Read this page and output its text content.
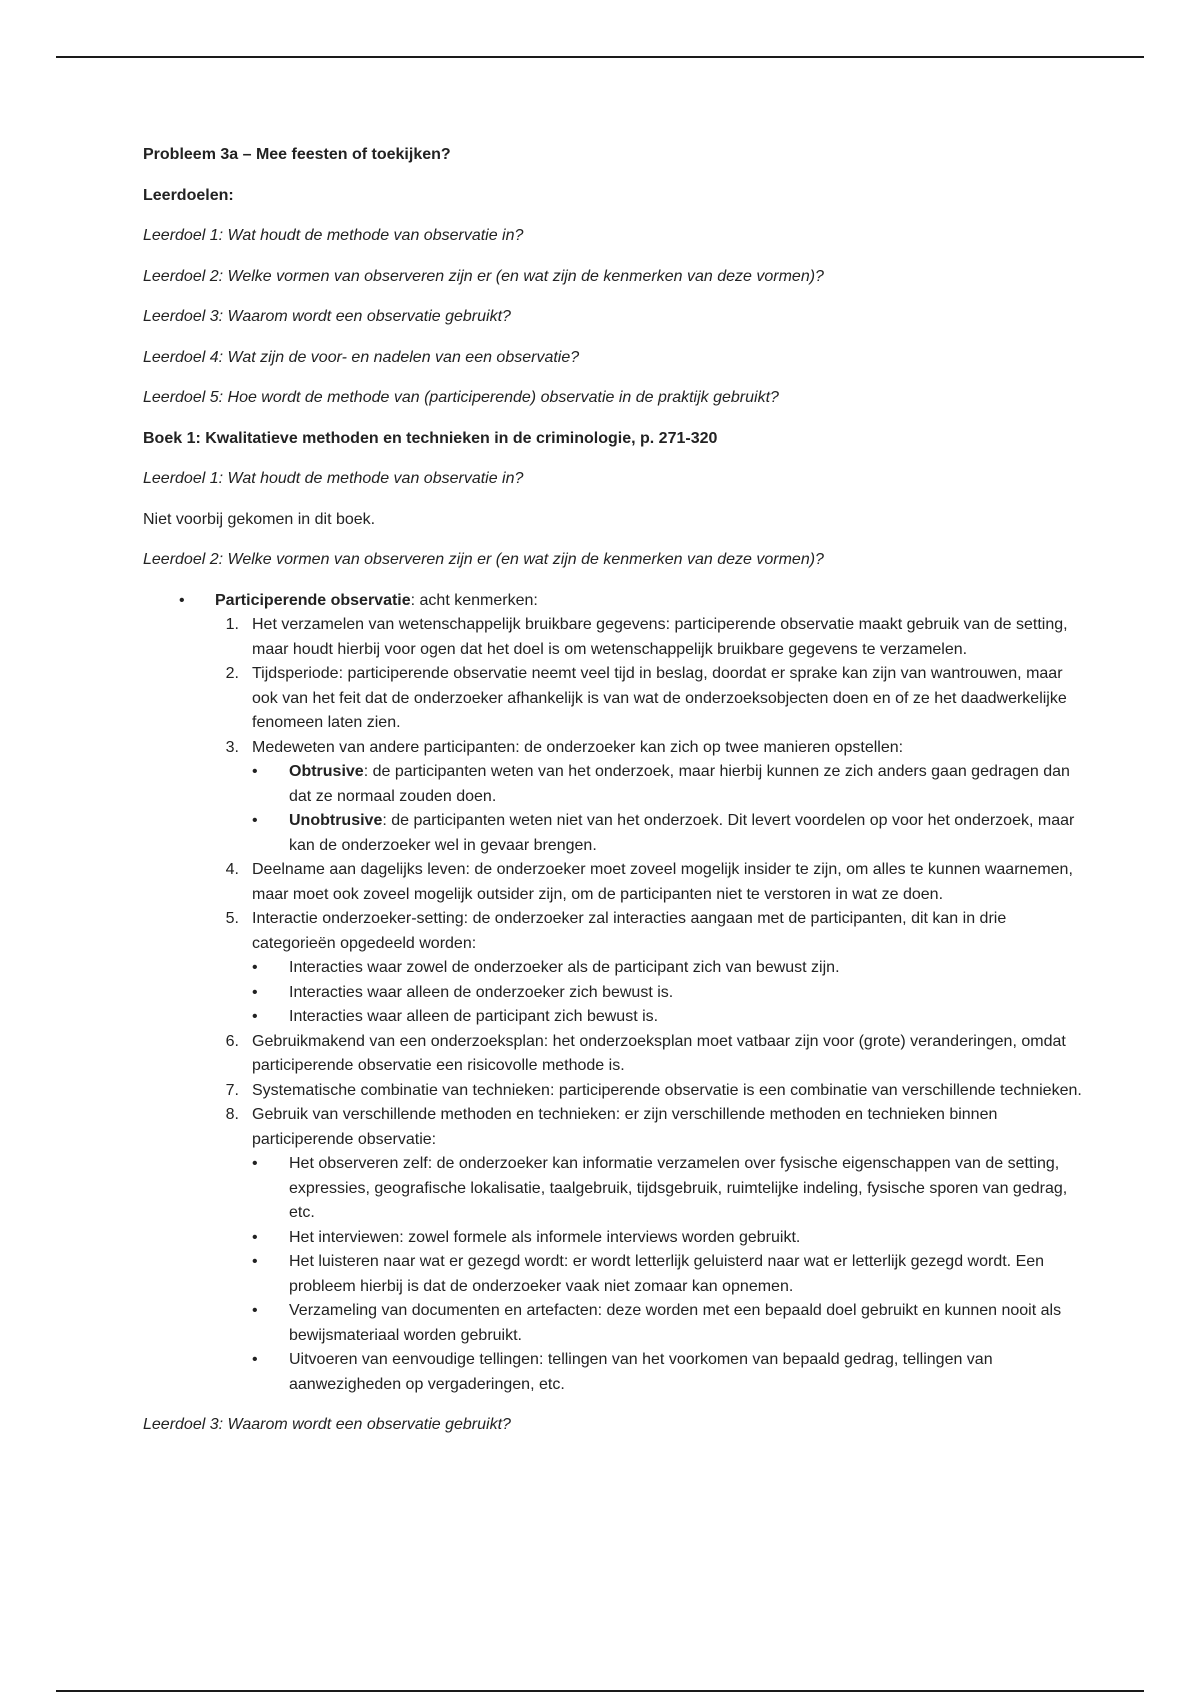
Probleem 3a – Mee feesten of toekijken?
Leerdoelen:
Leerdoel 1: Wat houdt de methode van observatie in?
Leerdoel 2: Welke vormen van observeren zijn er (en wat zijn de kenmerken van deze vormen)?
Leerdoel 3: Waarom wordt een observatie gebruikt?
Leerdoel 4: Wat zijn de voor- en nadelen van een observatie?
Leerdoel 5: Hoe wordt de methode van (participerende) observatie in de praktijk gebruikt?
Boek 1: Kwalitatieve methoden en technieken in de criminologie, p. 271-320
Leerdoel 1: Wat houdt de methode van observatie in?
Niet voorbij gekomen in dit boek.
Leerdoel 2: Welke vormen van observeren zijn er (en wat zijn de kenmerken van deze vormen)?
• Participerende observatie: acht kenmerken:
1. Het verzamelen van wetenschappelijk bruikbare gegevens: participerende observatie maakt gebruik van de setting, maar houdt hierbij voor ogen dat het doel is om wetenschappelijk bruikbare gegevens te verzamelen.
2. Tijdsperiode: participerende observatie neemt veel tijd in beslag, doordat er sprake kan zijn van wantrouwen, maar ook van het feit dat de onderzoeker afhankelijk is van wat de onderzoeksobjecten doen en of ze het daadwerkelijke fenomeen laten zien.
3. Medeweten van andere participanten: de onderzoeker kan zich op twee manieren opstellen:
• Obtrusive: de participanten weten van het onderzoek, maar hierbij kunnen ze zich anders gaan gedragen dan dat ze normaal zouden doen.
• Unobtrusive: de participanten weten niet van het onderzoek. Dit levert voordelen op voor het onderzoek, maar kan de onderzoeker wel in gevaar brengen.
4. Deelname aan dagelijks leven: de onderzoeker moet zoveel mogelijk insider te zijn, om alles te kunnen waarnemen, maar moet ook zoveel mogelijk outsider zijn, om de participanten niet te verstoren in wat ze doen.
5. Interactie onderzoeker-setting: de onderzoeker zal interacties aangaan met de participanten, dit kan in drie categorieën opgedeeld worden:
• Interacties waar zowel de onderzoeker als de participant zich van bewust zijn.
• Interacties waar alleen de onderzoeker zich bewust is.
• Interacties waar alleen de participant zich bewust is.
6. Gebruikmakend van een onderzoeksplan: het onderzoeksplan moet vatbaar zijn voor (grote) veranderingen, omdat participerende observatie een risicovolle methode is.
7. Systematische combinatie van technieken: participerende observatie is een combinatie van verschillende technieken.
8. Gebruik van verschillende methoden en technieken: er zijn verschillende methoden en technieken binnen participerende observatie:
• Het observeren zelf: de onderzoeker kan informatie verzamelen over fysische eigenschappen van de setting, expressies, geografische lokalisatie, taalgebruik, tijdsgebruik, ruimtelijke indeling, fysische sporen van gedrag, etc.
• Het interviewen: zowel formele als informele interviews worden gebruikt.
• Het luisteren naar wat er gezegd wordt: er wordt letterlijk geluisterd naar wat er letterlijk gezegd wordt. Een probleem hierbij is dat de onderzoeker vaak niet zomaar kan opnemen.
• Verzameling van documenten en artefacten: deze worden met een bepaald doel gebruikt en kunnen nooit als bewijsmateriaal worden gebruikt.
• Uitvoeren van eenvoudige tellingen: tellingen van het voorkomen van bepaald gedrag, tellingen van aanwezigheden op vergaderingen, etc.
Leerdoel 3: Waarom wordt een observatie gebruikt?
